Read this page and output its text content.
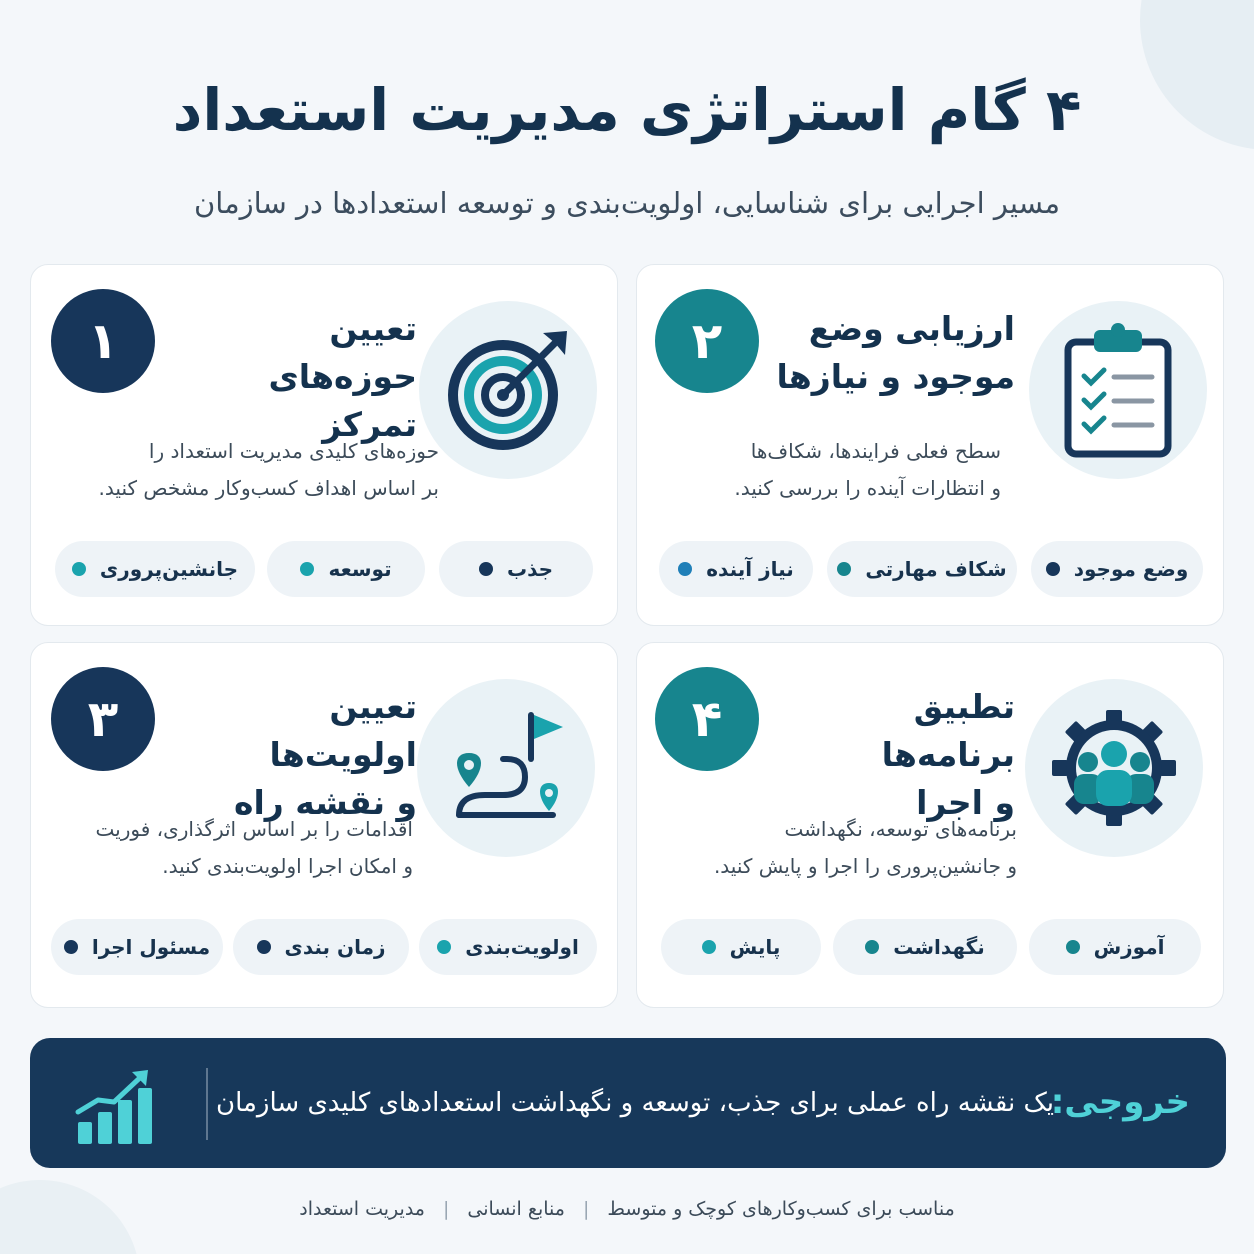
۴ گام استراتژی مدیریت استعداد
مسیر اجرایی برای شناسایی، اولویت‌بندی و توسعه استعدادها در سازمان
۱	تعیین حوزه‌های
تمرکز
حوزه‌های کلیدی مدیریت استعداد را
بر اساس اهداف کسب‌وکار مشخص کنید.
جذب
توسعه
جانشین‌پروری
۲	ارزیابی وضع
موجود و نیازها
سطح فعلی فرایندها، شکاف‌ها
و انتظارات آینده را بررسی کنید.
وضع موجود
شکاف مهارتی
نیاز آینده
۳	تعیین اولویت‌ها
و نقشه راه
اقدامات را بر اساس اثرگذاری، فوریت
و امکان اجرا اولویت‌بندی کنید.
اولویت‌بندی
زمان بندی
مسئول اجرا
۴	تطبیق برنامه‌ها
و اجرا
برنامه‌های توسعه، نگهداشت
و جانشین‌پروری را اجرا و پایش کنید.
آموزش
نگهداشت
پایش
خروجی:
یک نقشه راه عملی برای جذب، توسعه و نگهداشت استعدادهای کلیدی سازمان
مناسب برای کسب‌وکارهای کوچک و متوسط
|
منابع انسانی
|
مدیریت استعداد
